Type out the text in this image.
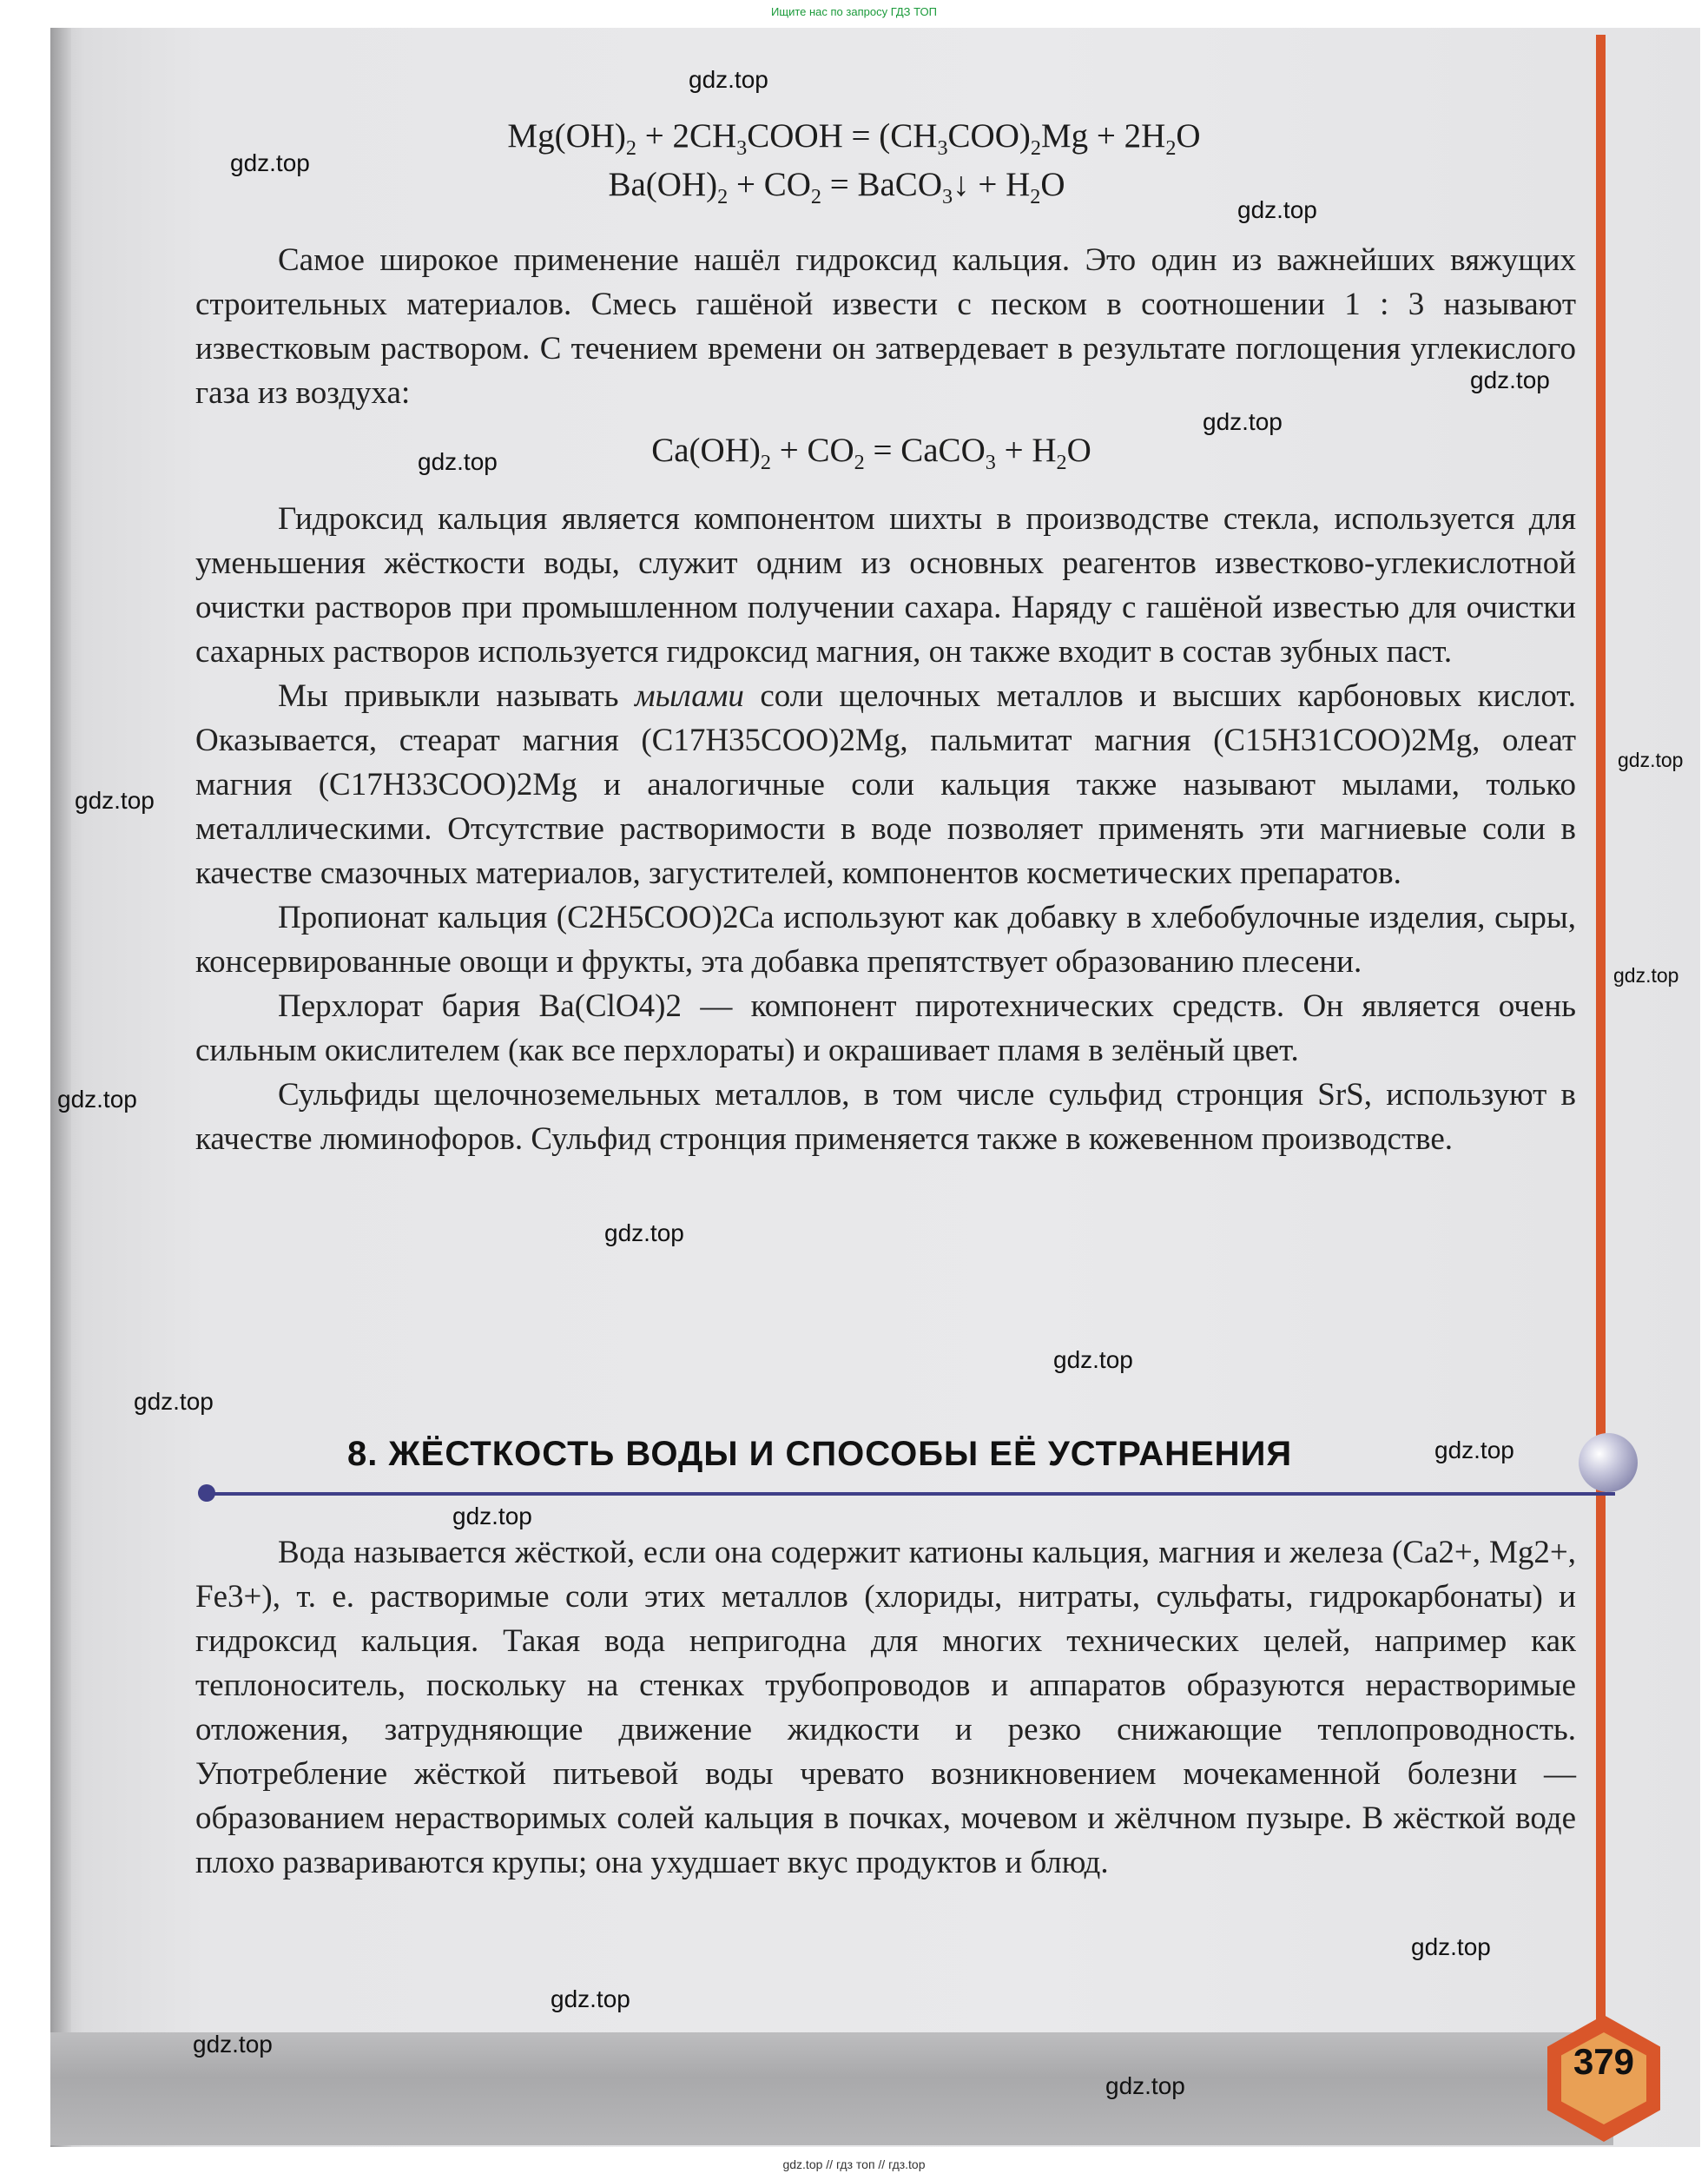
Ищите нас по запросу ГДЗ ТОП
$Mg(OH)_2$ + $2CH_3COOH = (CH_3COO)_2Mg + 2H_2O$
$Ba(OH)_2 + CO_2$ = BaCO$_3$↓ + $H_2O$

Самое широкое применение нашёл гидроксид кальция. Это один из важнейших вяжущих строительных материалов. Смесь гашёной извести с песком в соотношении 1 : 3 называют известковым раствором. С течением времени он затвердевает в результате поглощения углекислого газа из воздуха:

$Ca(OH)_2 + CO_2$ = CaCO$_3$ + $H_2O$

Гидроксид кальция является компонентом шихты в производстве стекла, используется для уменьшения жёсткости воды, служит одним из основных реагентов известково-углекислотной очистки растворов при промышленном получении сахара. Наряду с гашёной известью для очистки сахарных растворов используется гидроксид магния, он также входит в состав зубных паст.

Мы привыкли называть мылами соли щелочных металлов и высших карбоновых кислот. Оказывается, стеарат магния (C17H35COO)2Mg, пальмитат магния (C15H31COO)2Mg, олеат магния (C17H33COO)2Mg и аналогичные соли кальция также называют мылами, только металлическими. Отсутствие растворимости в воде позволяет применять эти магниевые соли в качестве смазочных материалов, загустителей, компонентов косметических препаратов.

Пропионат кальция (C2H5COO)2Ca используют как добавку в хлебобулочные изделия, сыры, консервированные овощи и фрукты, эта добавка препятствует образованию плесени.

Перхлорат бария Ba(ClO4)2 — компонент пиротехнических средств. Он является очень сильным окислителем (как все перхлораты) и окрашивает пламя в зелёный цвет.

Сульфиды щелочноземельных металлов, в том числе сульфид стронция SrS, используют в качестве люминофоров. Сульфид стронция применяется также в кожевенном производстве.

8. ЖЁСТКОСТЬ ВОДЫ И СПОСОБЫ ЕЁ УСТРАНЕНИЯ

Вода называется жёсткой, если она содержит катионы кальция, магния и железа (Ca2+, Mg2+, Fe3+), т. е. растворимые соли этих металлов (хлориды, нитраты, сульфаты, гидрокарбонаты) и гидроксид кальция. Такая вода непригодна для многих технических целей, например как теплоноситель, поскольку на стенках трубопроводов и аппаратов образуются нерастворимые отложения, затрудняющие движение жидкости и резко снижающие теплопроводность. Употребление жёсткой питьевой воды чревато возникновением мочекаменной болезни — образованием нерастворимых солей кальция в почках, мочевом и жёлчном пузыре. В жёсткой воде плохо развариваются крупы; она ухудшает вкус продуктов и блюд.

379
gdz.top
gdz.top
gdz.top
gdz.top
gdz.top
gdz.top
gdz.top
gdz.top
gdz.top
gdz.top
gdz.top
gdz.top
gdz.top
gdz.top
gdz.top
gdz.top
gdz.top
gdz.top
gdz.top
gdz.top // гдз топ // гдз.top
